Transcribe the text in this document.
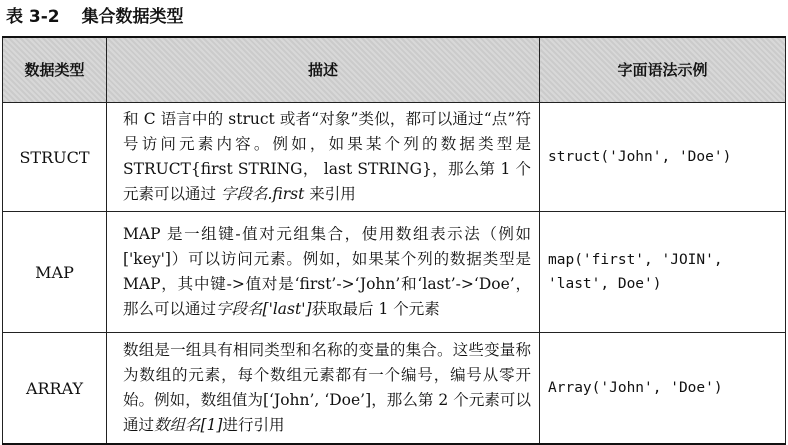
表 3-2 集合数据类型
数据类型	描述	字面语法示例
STRUCT	和 C 语言中的 struct 或者“对象”类似，都可以通过“点”符号访问元素内容。例如，如果某个列的数据类型是 STRUCT{first STRING， last STRING}，那么第 1 个元素可以通过 字段名.first 来引用	struct('John', 'Doe')
MAP	MAP 是一组键-值对元组集合，使用数组表示法（例如['key']）可以访问元素。例如，如果某个列的数据类型是 MAP，其中键->值对是‘first’->‘John’和‘last’->‘Doe’，那么可以通过字段名['last']获取最后 1 个元素	map('first', 'JOIN', 'last', Doe')
ARRAY	数组是一组具有相同类型和名称的变量的集合。这些变量称为数组的元素，每个数组元素都有一个编号，编号从零开始。例如，数组值为[‘John’, ‘Doe’]，那么第 2 个元素可以通过数组名[1]进行引用	Array('John', 'Doe')
